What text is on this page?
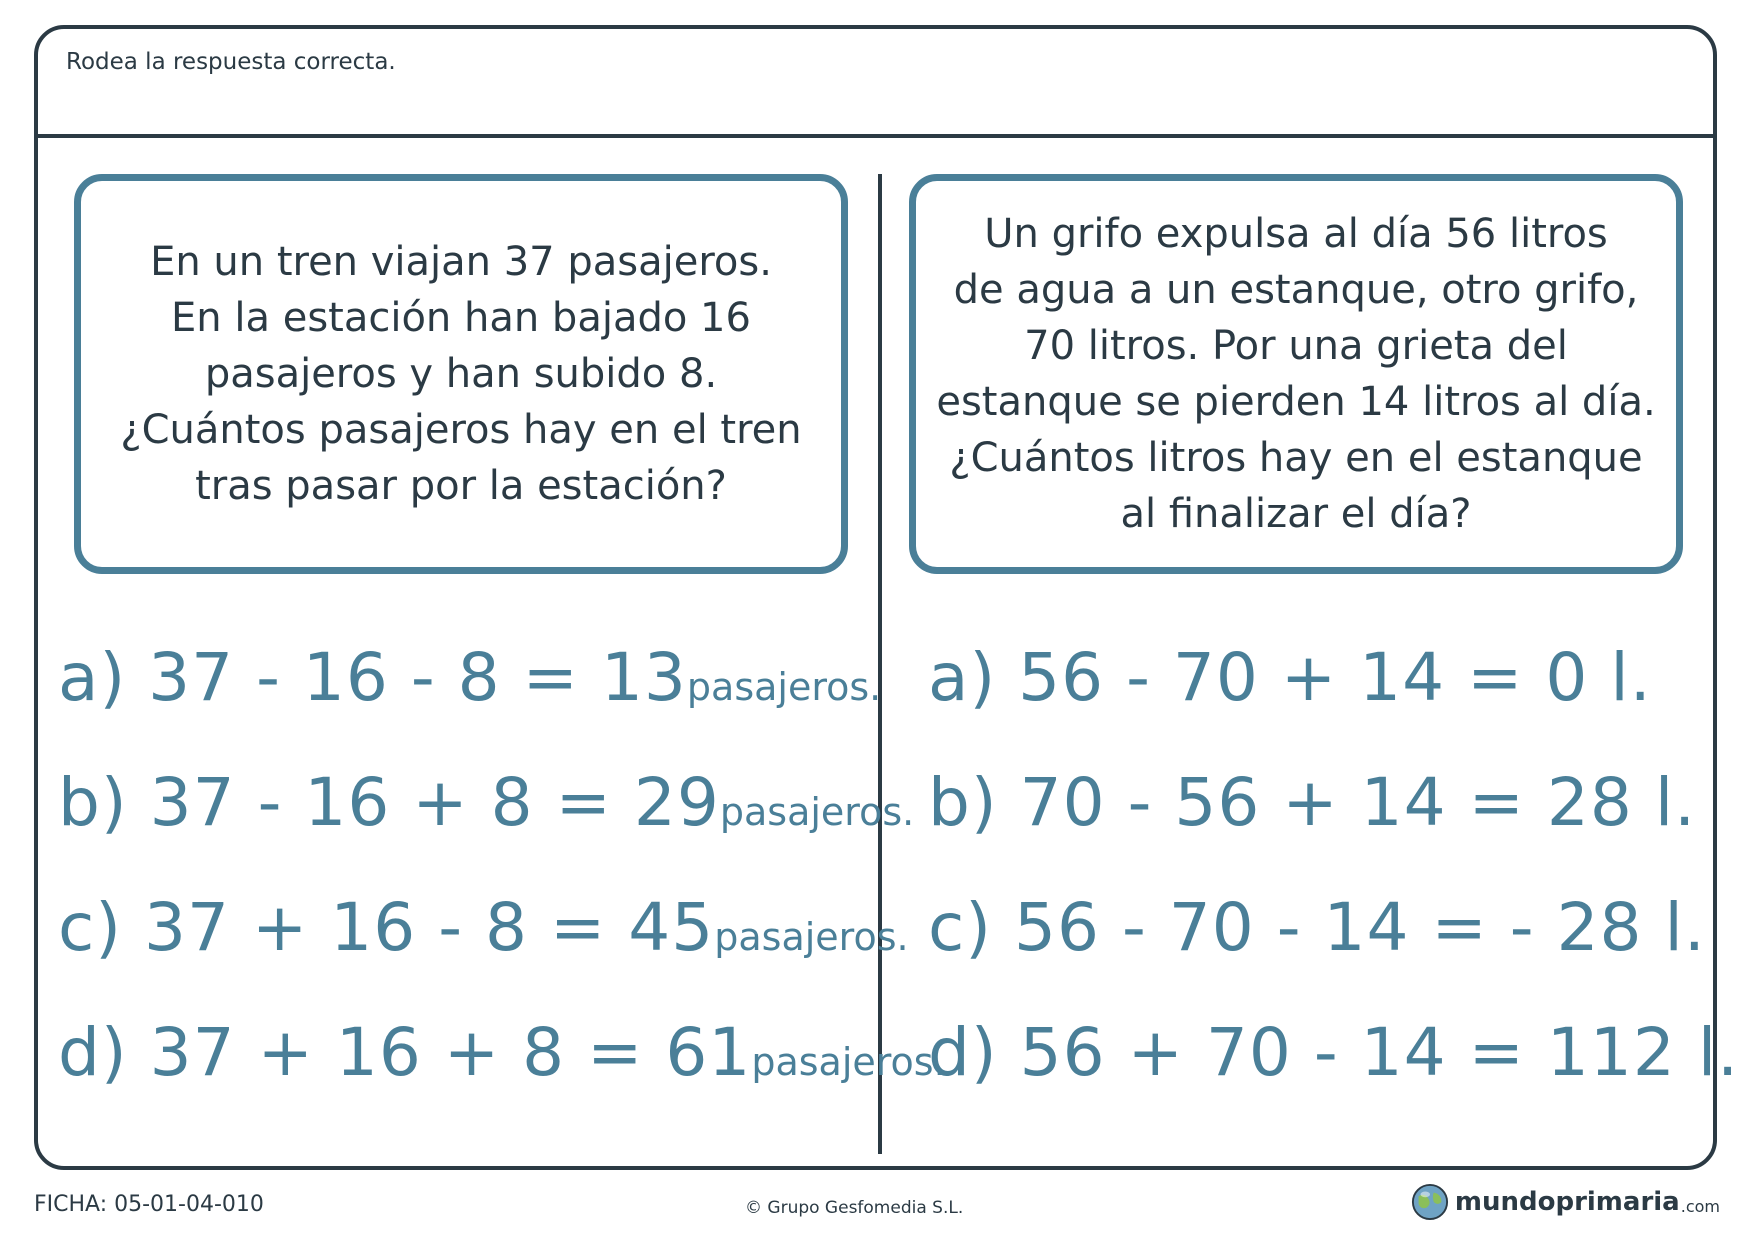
Rodea la respuesta correcta.
En un tren viajan 37 pasajeros.
En la estación han bajado 16
pasajeros y han subido 8.
¿Cuántos pasajeros hay en el tren
tras pasar por la estación?
Un grifo expulsa al día 56 litros
de agua a un estanque, otro grifo,
70 litros. Por una grieta del
estanque se pierden 14 litros al día.
¿Cuántos litros hay en el estanque
al finalizar el día?
a) 37 - 16 - 8 = 13 pasajeros.
b) 37 - 16 + 8 = 29 pasajeros.
c) 37 + 16 - 8 = 45 pasajeros.
d) 37 + 16 + 8 = 61 pasajeros.
a) 56 - 70 + 14 = 0 l.
b) 70 - 56 + 14 = 28 l.
c) 56 - 70 - 14 = - 28 l.
d) 56 + 70 - 14 = 112 l.
FICHA: 05-01-04-010	© Grupo Gesfomedia S.L.	mundoprimaria .com
